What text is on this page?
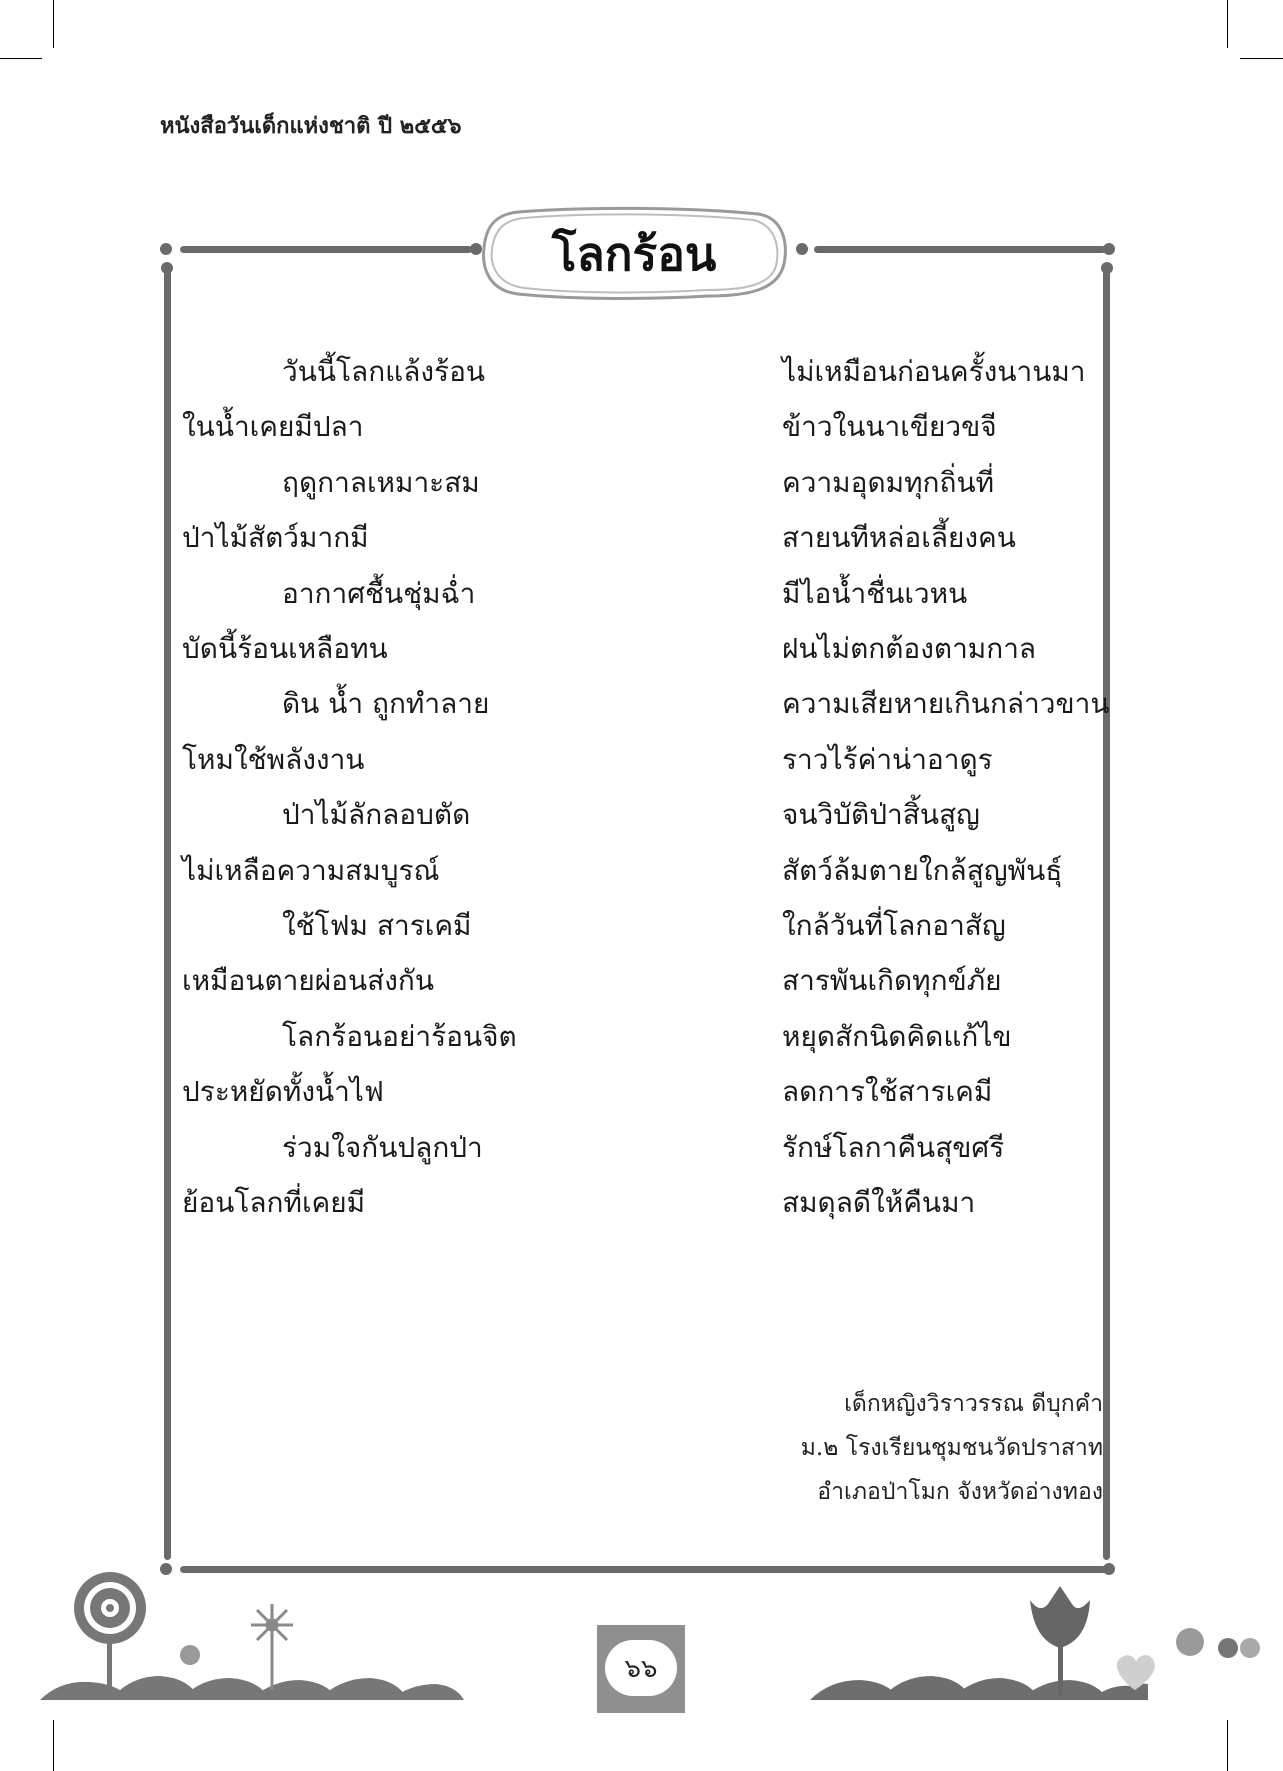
หนังสือวันเด็กแห่งชาติ ปี ๒๕๕๖
โลกร้อน
วันนี้โลกแล้งร้อน
ในน้ำเคยมีปลา
ฤดูกาลเหมาะสม
ป่าไม้สัตว์มากมี
อากาศชื้นชุ่มฉ่ำ
บัดนี้ร้อนเหลือทน
ดิน น้ำ ถูกทำลาย
โหมใช้พลังงาน
ป่าไม้ลักลอบตัด
ไม่เหลือความสมบูรณ์
ใช้โฟม สารเคมี
เหมือนตายผ่อนส่งกัน
โลกร้อนอย่าร้อนจิต
ประหยัดทั้งน้ำไฟ
ร่วมใจกันปลูกป่า
ย้อนโลกที่เคยมี
ไม่เหมือนก่อนครั้งนานมา
ข้าวในนาเขียวขจี
ความอุดมทุกถิ่นที่
สายนทีหล่อเลี้ยงคน
มีไอน้ำชื่นเวหน
ฝนไม่ตกต้องตามกาล
ความเสียหายเกินกล่าวขาน
ราวไร้ค่าน่าอาดูร
จนวิบัติป่าสิ้นสูญ
สัตว์ล้มตายใกล้สูญพันธุ์
ใกล้วันที่โลกอาสัญ
สารพันเกิดทุกข์ภัย
หยุดสักนิดคิดแก้ไข
ลดการใช้สารเคมี
รักษ์โลกาคืนสุขศรี
สมดุลดีให้คืนมา
เด็กหญิงวิราวรรณ ดีบุกคำ
ม.๒ โรงเรียนชุมชนวัดปราสาท
อำเภอป่าโมก จังหวัดอ่างทอง
๖๖
